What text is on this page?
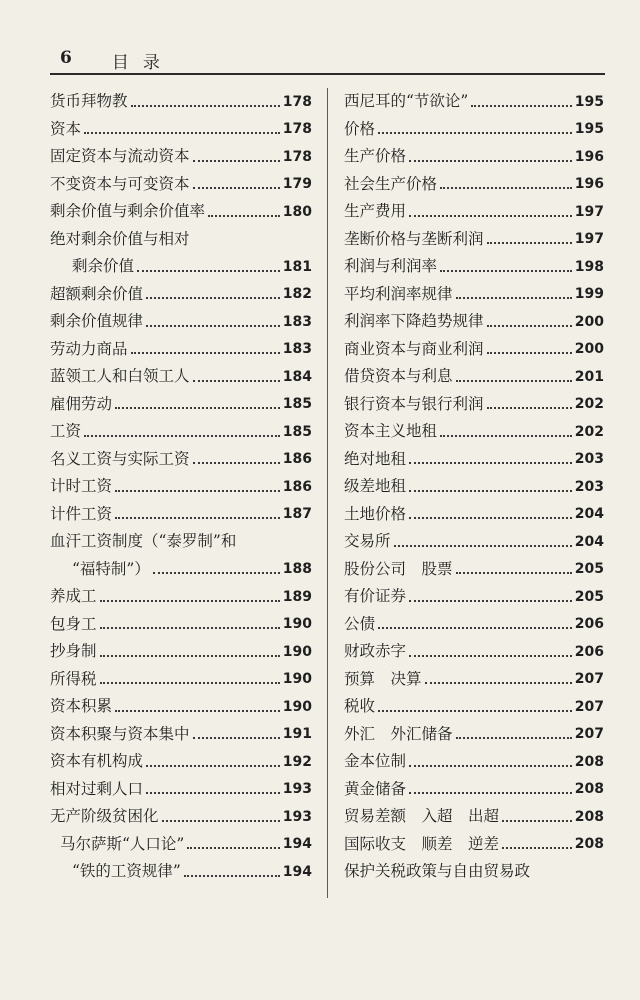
6 目录
货币拜物教	178
资本	178
固定资本与流动资本	178
不变资本与可变资本	179
剩余价值与剩余价值率	180
绝对剩余价值与相对
剩余价值	181
超额剩余价值	182
剩余价值规律	183
劳动力商品	183
蓝领工人和白领工人	184
雇佣劳动	185
工资	185
名义工资与实际工资	186
计时工资	186
计件工资	187
血汗工资制度（“泰罗制”和
“福特制”）	188
养成工	189
包身工	190
抄身制	190
所得税	190
资本积累	190
资本积聚与资本集中	191
资本有机构成	192
相对过剩人口	193
无产阶级贫困化	193
马尔萨斯“人口论”	194
“铁的工资规律”	194
西尼耳的“节欲论”	195
价格	195
生产价格	196
社会生产价格	196
生产费用	197
垄断价格与垄断利润	197
利润与利润率	198
平均利润率规律	199
利润率下降趋势规律	200
商业资本与商业利润	200
借贷资本与利息	201
银行资本与银行利润	202
资本主义地租	202
绝对地租	203
级差地租	203
土地价格	204
交易所	204
股份公司　股票	205
有价证券	205
公债	206
财政赤字	206
预算　决算	207
税收	207
外汇　外汇储备	207
金本位制	208
黄金储备	208
贸易差额　入超　出超	208
国际收支　顺差　逆差	208
保护关税政策与自由贸易政
